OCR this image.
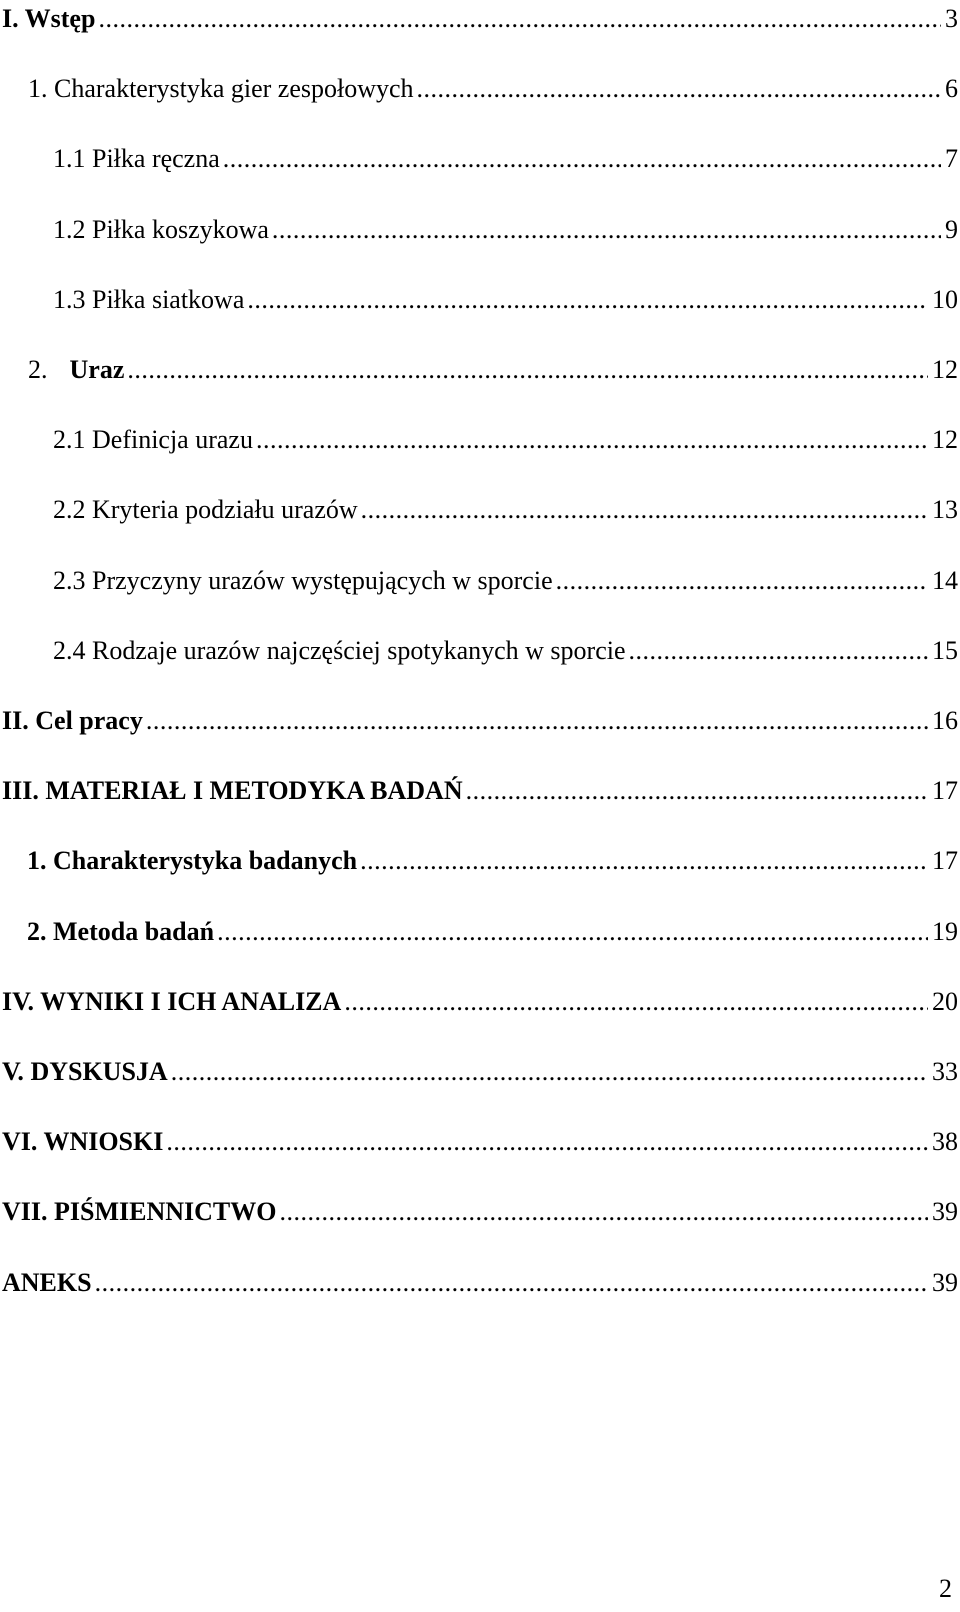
I. Wstęp .....	3
1. Charakterystyka gier zespołowych .....	6
1.1 Piłka ręczna .....	7
1.2 Piłka koszykowa .....	9
1.3 Piłka siatkowa .....	10
2. Uraz .....	12
2.1 Definicja urazu .....	12
2.2 Kryteria podziału urazów .....	13
2.3 Przyczyny urazów występujących w sporcie .....	14
2.4 Rodzaje urazów najczęściej spotykanych w sporcie .....	15
II. Cel pracy .....	16
III. MATERIAŁ I METODYKA BADAŃ .....	17
1. Charakterystyka badanych .....	17
2. Metoda badań .....	19
IV. WYNIKI I ICH ANALIZA .....	20
V. DYSKUSJA .....	33
VI. WNIOSKI .....	38
VII. PIŚMIENNICTWO .....	39
ANEKS .....	39
2
